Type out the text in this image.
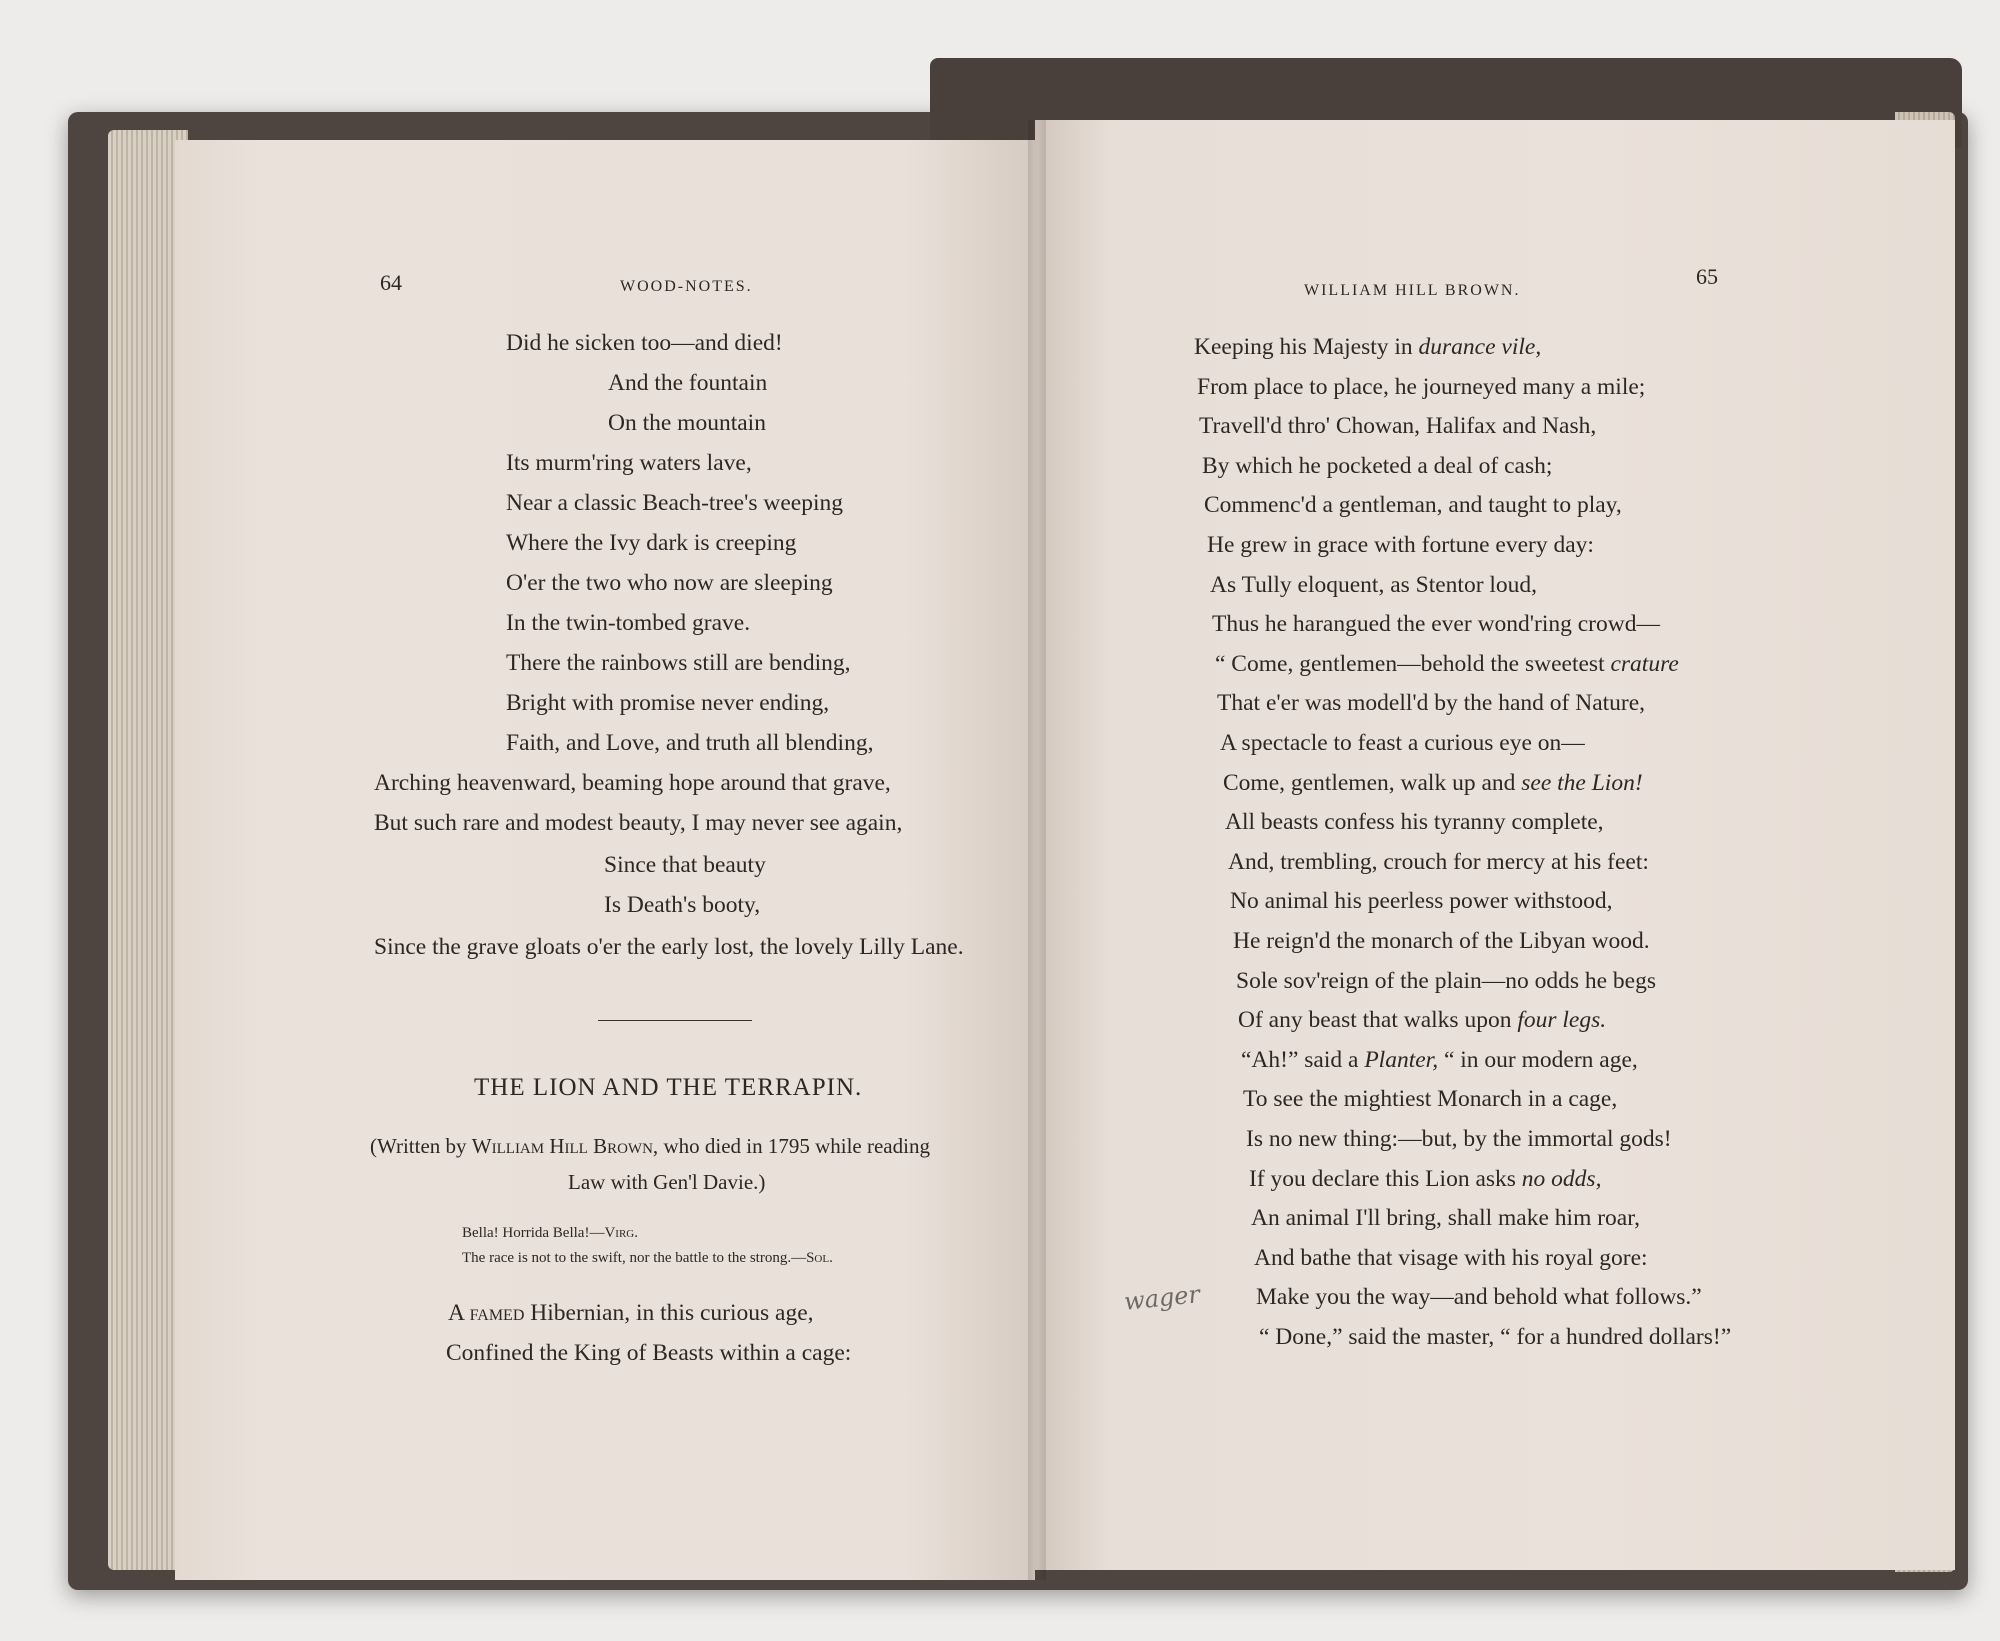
64	WOOD-NOTES.
Did he sicken too—and died!
And the fountain
On the mountain
Its murm'ring waters lave,
Near a classic Beach-tree's weeping
Where the Ivy dark is creeping
O'er the two who now are sleeping
In the twin-tombed grave.
There the rainbows still are bending,
Bright with promise never ending,
Faith, and Love, and truth all blending,
Arching heavenward, beaming hope around that grave,
But such rare and modest beauty, I may never see again,
Since that beauty
Is Death's booty,
Since the grave gloats o'er the early lost, the lovely Lilly Lane.
THE LION AND THE TERRAPIN.
(Written by William Hill Brown, who died in 1795 while reading
Law with Gen'l Davie.)
Bella! Horrida Bella!—Virg.
The race is not to the swift, nor the battle to the strong.—Sol.
A famed Hibernian, in this curious age,
Confined the King of Beasts within a cage:
WILLIAM HILL BROWN.
65
Keeping his Majesty in durance vile,
From place to place, he journeyed many a mile;
Travell'd thro' Chowan, Halifax and Nash,
By which he pocketed a deal of cash;
Commenc'd a gentleman, and taught to play,
He grew in grace with fortune every day:
As Tully eloquent, as Stentor loud,
Thus he harangued the ever wond'ring crowd—
“ Come, gentlemen—behold the sweetest crature
That e'er was modell'd by the hand of Nature,
A spectacle to feast a curious eye on—
Come, gentlemen, walk up and see the Lion!
All beasts confess his tyranny complete,
And, trembling, crouch for mercy at his feet:
No animal his peerless power withstood,
He reign'd the monarch of the Libyan wood.
Sole sov'reign of the plain—no odds he begs
Of any beast that walks upon four legs.
“Ah!” said a Planter, “ in our modern age,
To see the mightiest Monarch in a cage,
Is no new thing:—but, by the immortal gods!
If you declare this Lion asks no odds,
An animal I'll bring, shall make him roar,
And bathe that visage with his royal gore:
Make you the way—and behold what follows.”
“ Done,” said the master, “ for a hundred dollars!”
wager
